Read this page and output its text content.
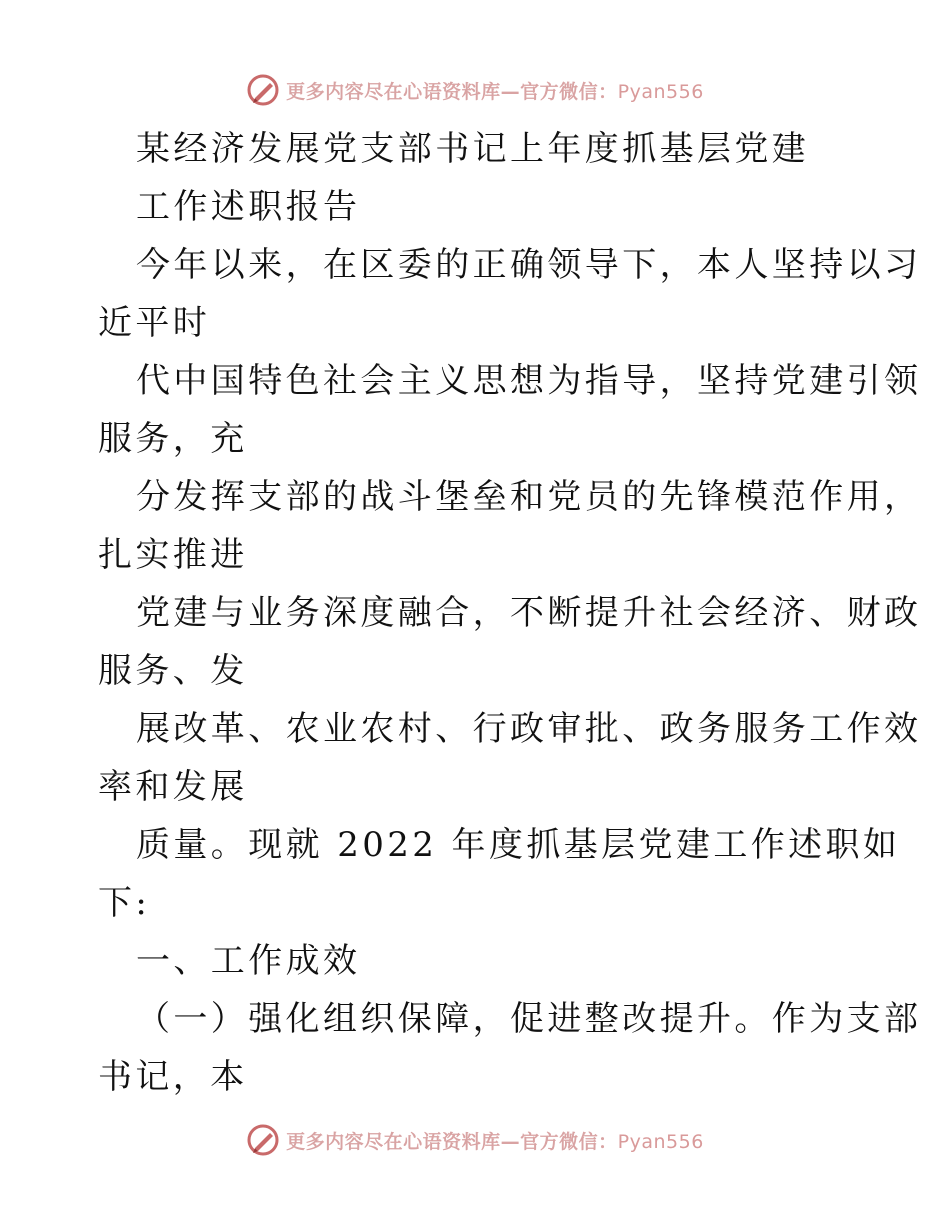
更多内容尽在心语资料库—官方微信：Pyan556
某经济发展党支部书记上年度抓基层党建
工作述职报告
今年以来，在区委的正确领导下，本人坚持以习
近平时
代中国特色社会主义思想为指导，坚持党建引领
服务，充
分发挥支部的战斗堡垒和党员的先锋模范作用，
扎实推进
党建与业务深度融合，不断提升社会经济、财政
服务、发
展改革、农业农村、行政审批、政务服务工作效
率和发展
质量。现就 2022 年度抓基层党建工作述职如
下:
一、工作成效
（一）强化组织保障，促进整改提升。作为支部
书记，本
更多内容尽在心语资料库—官方微信：Pyan556
